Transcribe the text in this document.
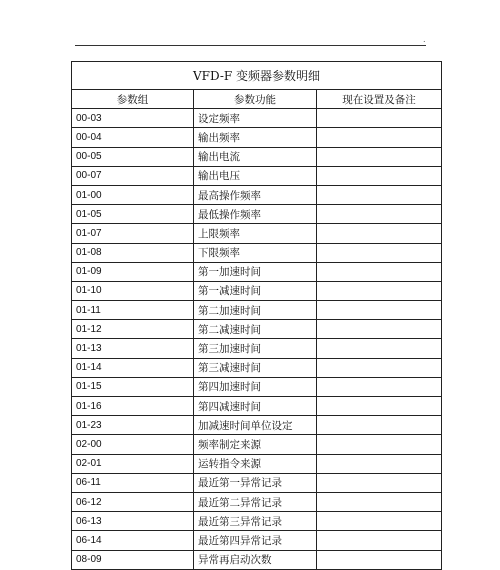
.
VFD-F 变频器参数明细		
参数组	参数功能	现在设置及备注
00-03	设定频率	
00-04	输出频率	
00-05	输出电流	
00-07	输出电压	
01-00	最高操作频率	
01-05	最低操作频率	
01-07	上限频率	
01-08	下限频率	
01-09	第一加速时间	
01-10	第一减速时间	
01-11	第二加速时间	
01-12	第二减速时间	
01-13	第三加速时间	
01-14	第三减速时间	
01-15	第四加速时间	
01-16	第四减速时间	
01-23	加减速时间单位设定	
02-00	频率制定来源	
02-01	运转指令来源	
06-11	最近第一异常记录	
06-12	最近第二异常记录	
06-13	最近第三异常记录	
06-14	最近第四异常记录	
08-09	异常再启动次数	
